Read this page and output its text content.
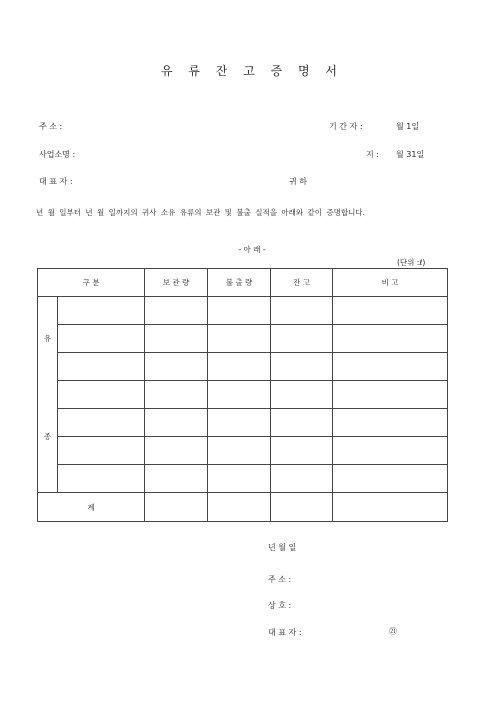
유 류 잔 고 증 명 서
주 소 :	기 간 자 :	월 1일
사업소명 :	지 : 월 31일
대 표 자 :	귀 하
년 월 일부터 년 월 일까지의 귀사 소유 유류의 보관 및 불출 실적을 아래와 같이 증명합니다.
- 아 래 -
(단위 :ℓ)
구 분		보 관 량	불 출 량	잔 고	비 고
유					

종					

계					
년 월 일
주 소 :
상 호 :
대 표 자 :	㉑
